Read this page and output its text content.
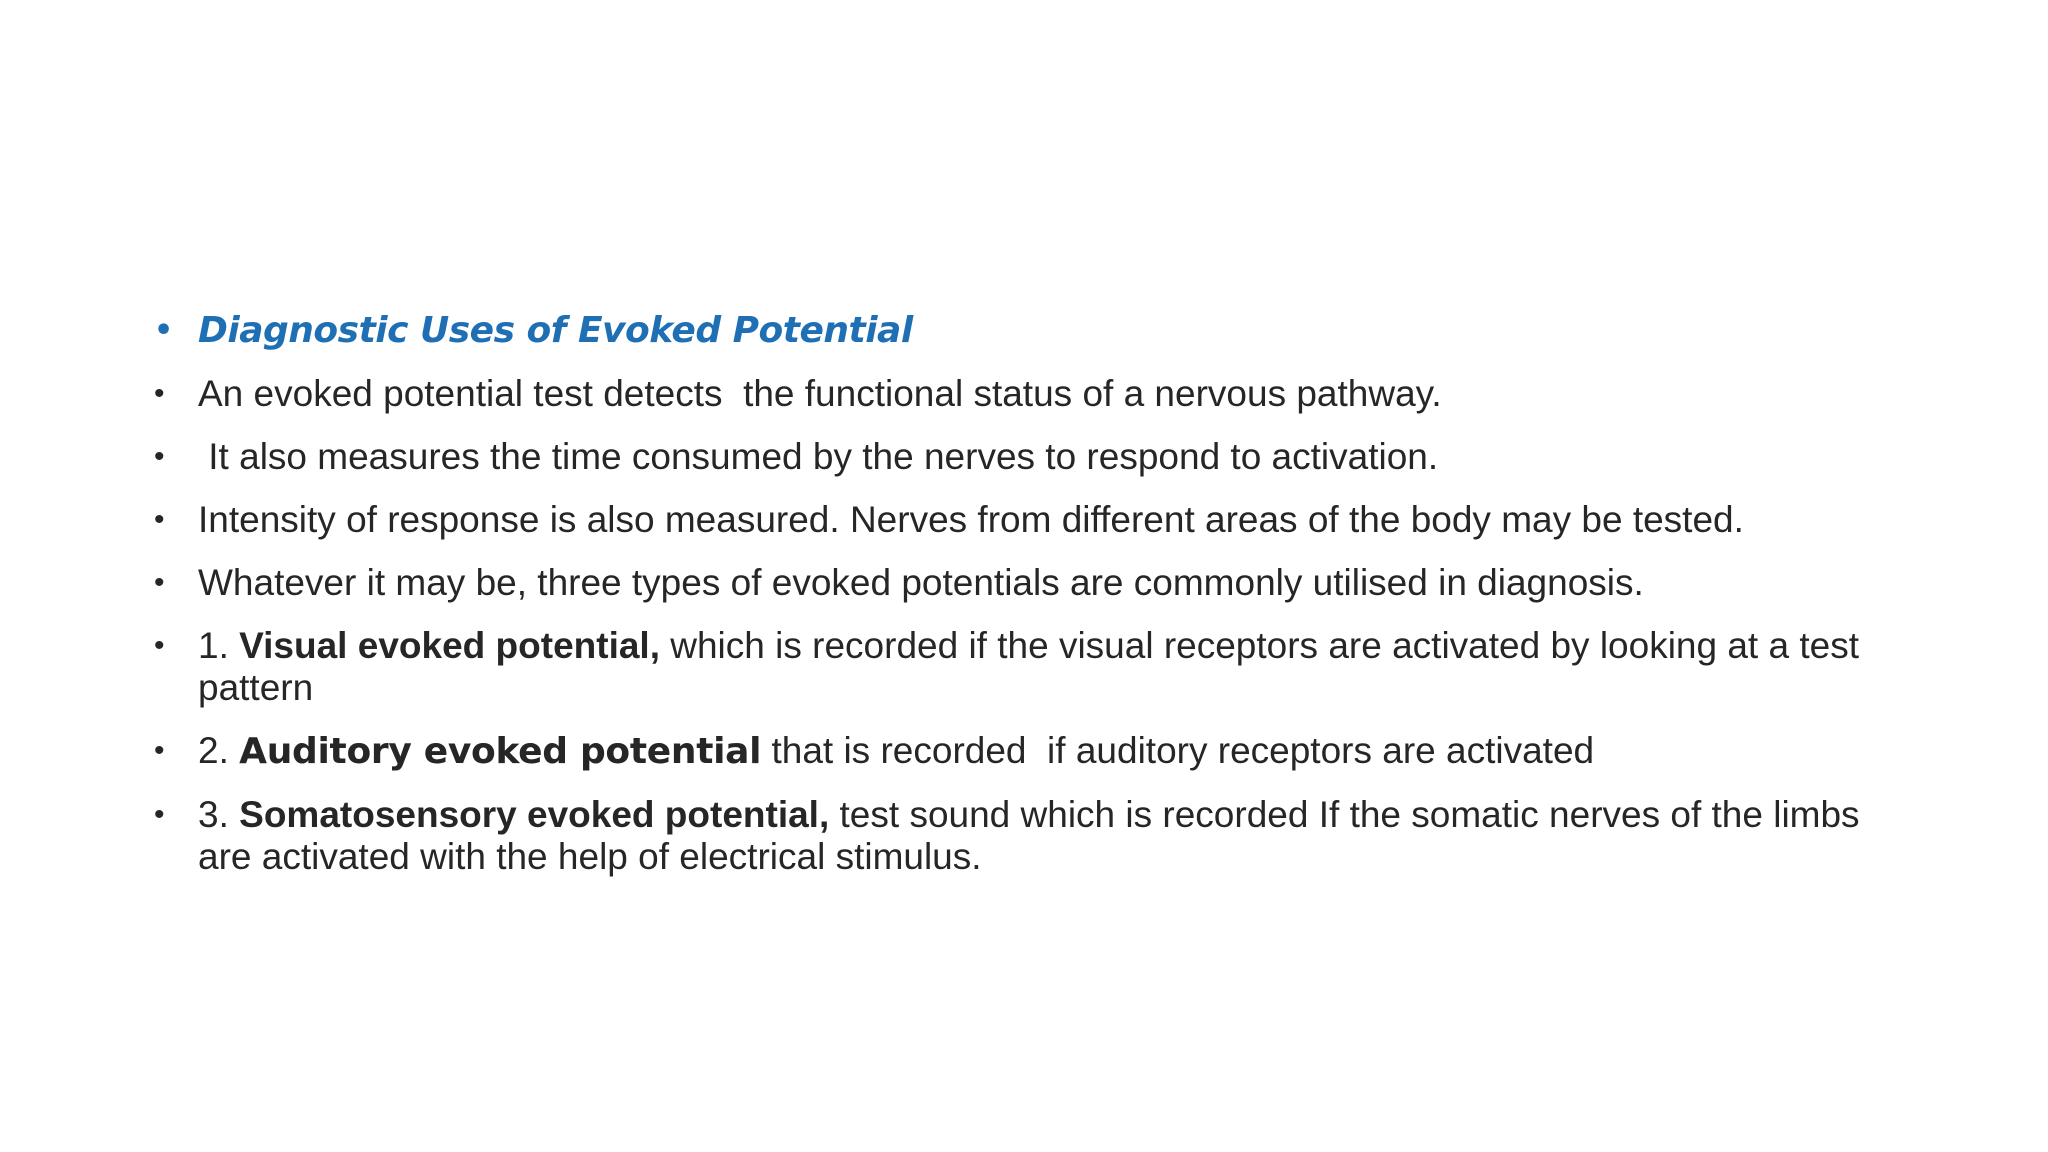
• Diagnostic Uses of Evoked Potential
• An evoked potential test detects  the functional status of a nervous pathway.
• It also measures the time consumed by the nerves to respond to activation.
• Intensity of response is also measured. Nerves from different areas of the body may be tested.
• Whatever it may be, three types of evoked potentials are commonly utilised in diagnosis.
• 1. Visual evoked potential, which is recorded if the visual receptors are activated by looking at a test pattern
• 2. Auditory evoked potential that is recorded  if auditory receptors are activated
• 3. Somatosensory evoked potential, test sound which is recorded If the somatic nerves of the limbs are activated with the help of electrical stimulus.
